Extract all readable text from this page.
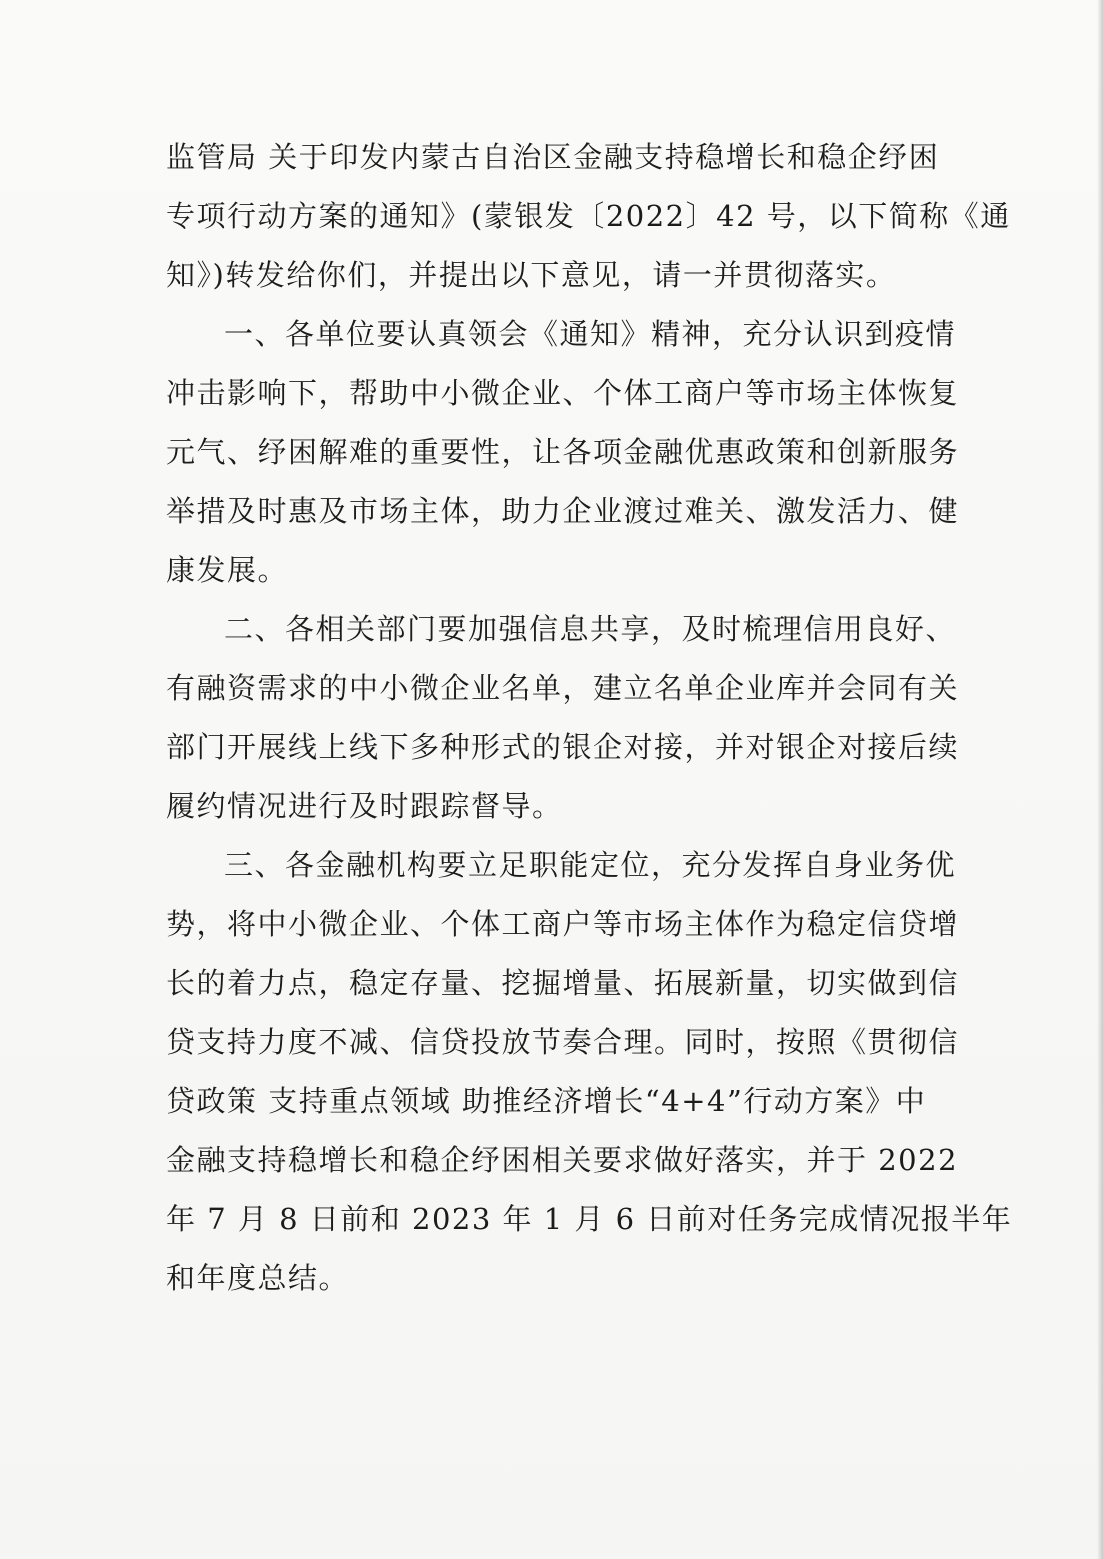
监管局 关于印发内蒙古自治区金融支持稳增长和稳企纾困
专项行动方案的通知》(蒙银发〔2022〕42 号，以下简称《通
知》)转发给你们，并提出以下意见，请一并贯彻落实。

一、各单位要认真领会《通知》精神，充分认识到疫情
冲击影响下，帮助中小微企业、个体工商户等市场主体恢复
元气、纾困解难的重要性，让各项金融优惠政策和创新服务
举措及时惠及市场主体，助力企业渡过难关、激发活力、健
康发展。

二、各相关部门要加强信息共享，及时梳理信用良好、
有融资需求的中小微企业名单，建立名单企业库并会同有关
部门开展线上线下多种形式的银企对接，并对银企对接后续
履约情况进行及时跟踪督导。

三、各金融机构要立足职能定位，充分发挥自身业务优
势，将中小微企业、个体工商户等市场主体作为稳定信贷增
长的着力点，稳定存量、挖掘增量、拓展新量，切实做到信
贷支持力度不减、信贷投放节奏合理。同时，按照《贯彻信
贷政策 支持重点领域 助推经济增长“4+4”行动方案》中
金融支持稳增长和稳企纾困相关要求做好落实，并于 2022
年 7 月 8 日前和 2023 年 1 月 6 日前对任务完成情况报半年
和年度总结。
